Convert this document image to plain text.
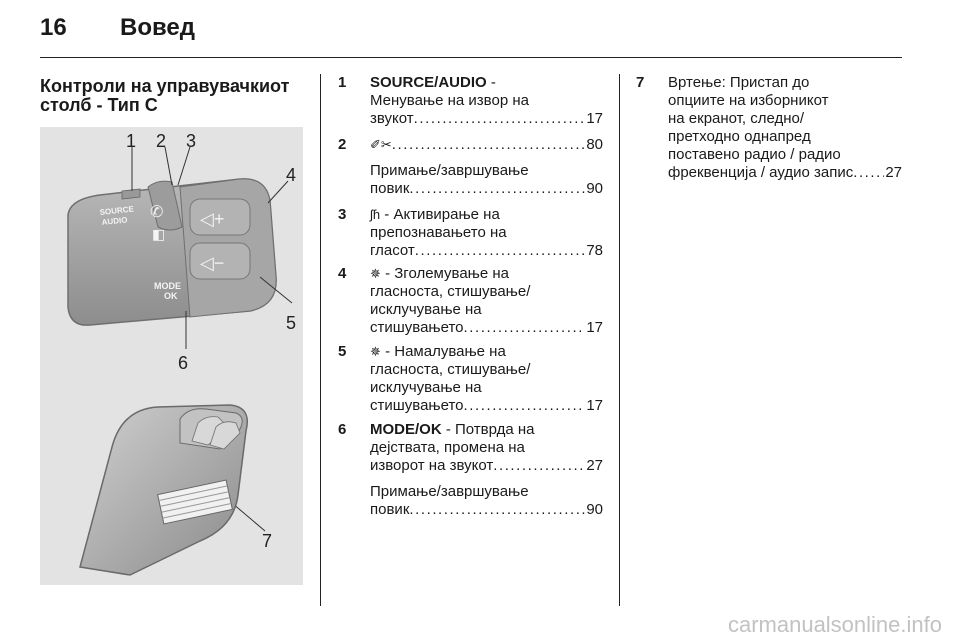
16 Вовед
Контроли на управувачкиот столб - Тип C
SOURCE
AUDIO
MODE
OK
✆
◧
◁+
◁−
1 2 3
4
5
6
7
1 SOURCE/AUDIO -
Менување на извор на
звукот . . .	17
2 ✐✂ . . .	80
Примање/завршување
повик . . .	90
3 ʃɦ - Активирање на
препознавањето на
гласот . . .	78
4 ✵ - Зголемување на
гласноста, стишување/
исклучување на
стишувањето . . .	17
5 ✵ - Намалување на
гласноста, стишување/
исклучување на
стишувањето . . .	17
6 MODE/OK - Потврда на
дејствата, промена на
изворот на звукот . . .	27
Примање/завршување
повик . . .	90
7 Вртење: Пристап до
опциите на изборникот
на екранот, следно/
претходно однапред
поставено радио / радио
фреквенција / аудио запис . . . 27
carmanualsonline.info
